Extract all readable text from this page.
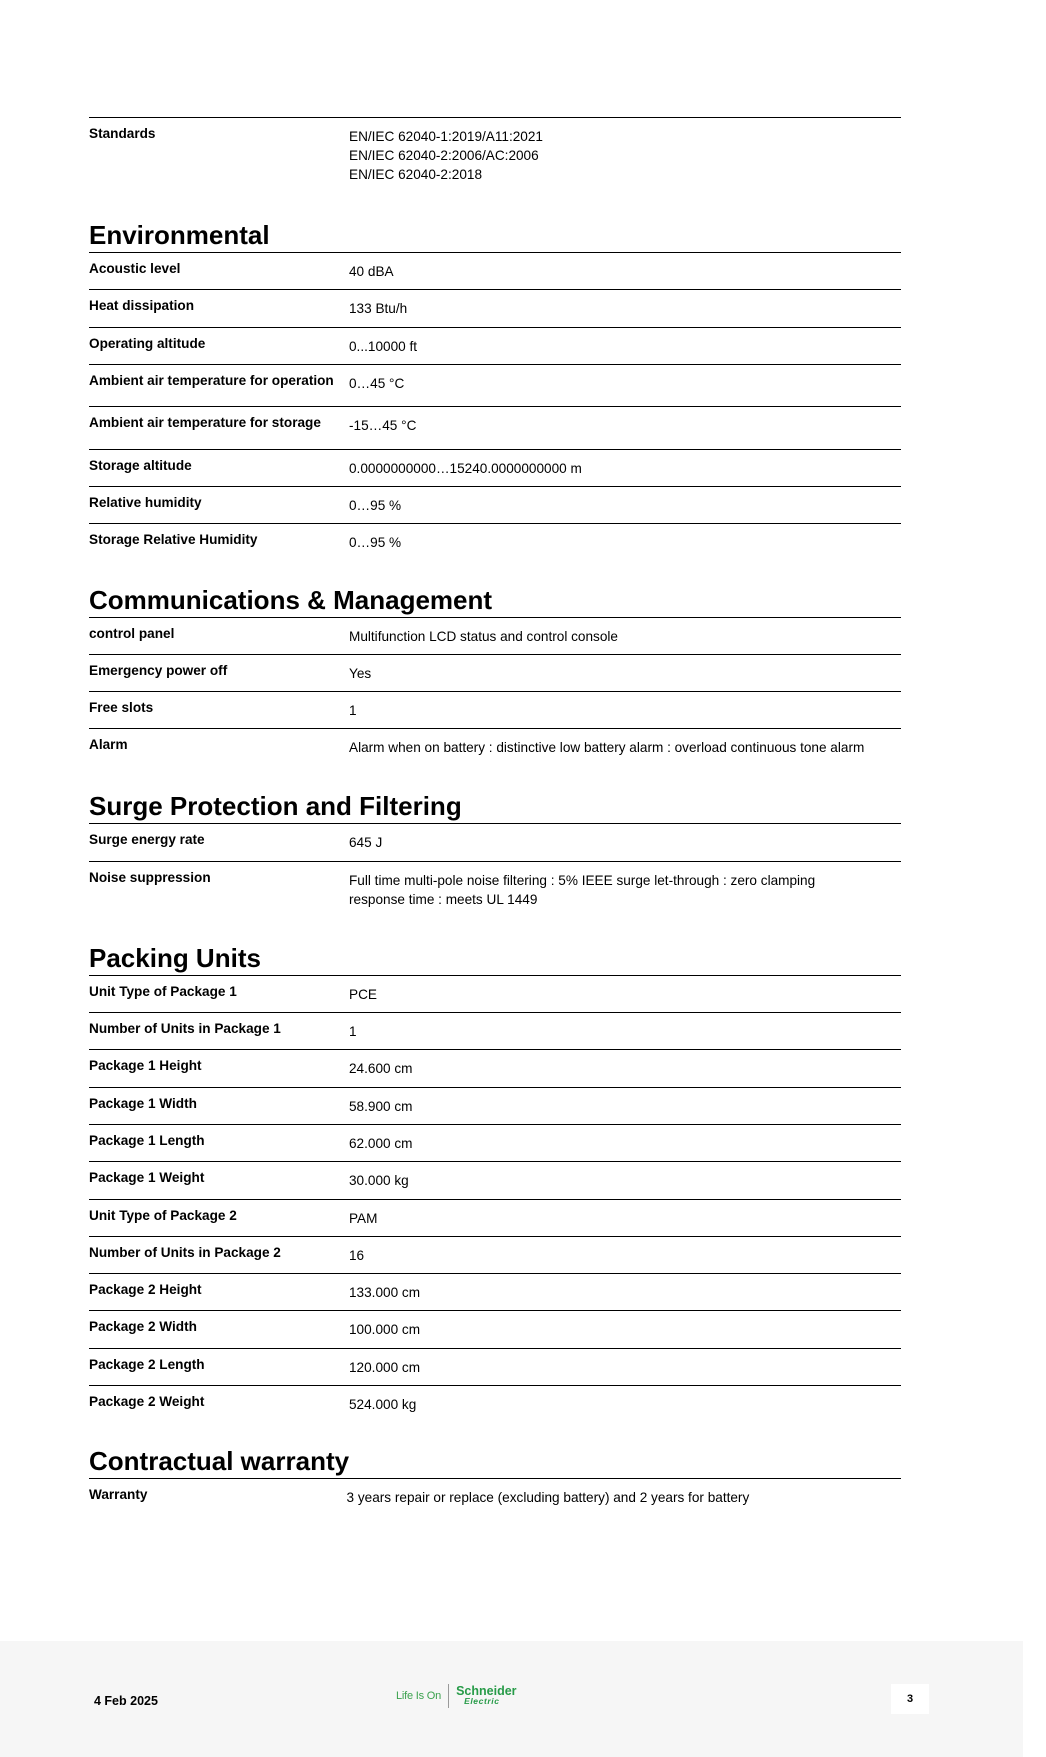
Standards	EN/IEC 62040-1:2019/A11:2021
EN/IEC 62040-2:2006/AC:2006
EN/IEC 62040-2:2018
Environmental
Acoustic level	40 dBA
Heat dissipation	133 Btu/h
Operating altitude	0...10000 ft
Ambient air temperature for operation	0…45 °C
Ambient air temperature for storage	-15…45 °C
Storage altitude	0.0000000000…15240.0000000000 m
Relative humidity	0…95 %
Storage Relative Humidity	0…95 %
Communications & Management
control panel	Multifunction LCD status and control console
Emergency power off	Yes
Free slots	1
Alarm	Alarm when on battery : distinctive low battery alarm : overload continuous tone alarm
Surge Protection and Filtering
Surge energy rate	645 J
Noise suppression	Full time multi-pole noise filtering : 5% IEEE surge let-through : zero clamping response time : meets UL 1449
Packing Units
Unit Type of Package 1	PCE
Number of Units in Package 1	1
Package 1 Height	24.600 cm
Package 1 Width	58.900 cm
Package 1 Length	62.000 cm
Package 1 Weight	30.000 kg
Unit Type of Package 2	PAM
Number of Units in Package 2	16
Package 2 Height	133.000 cm
Package 2 Width	100.000 cm
Package 2 Length	120.000 cm
Package 2 Weight	524.000 kg
Contractual warranty
Warranty	3 years repair or replace (excluding battery) and 2 years for battery
4 Feb 2025	Life Is On Schneider
Electric	3
